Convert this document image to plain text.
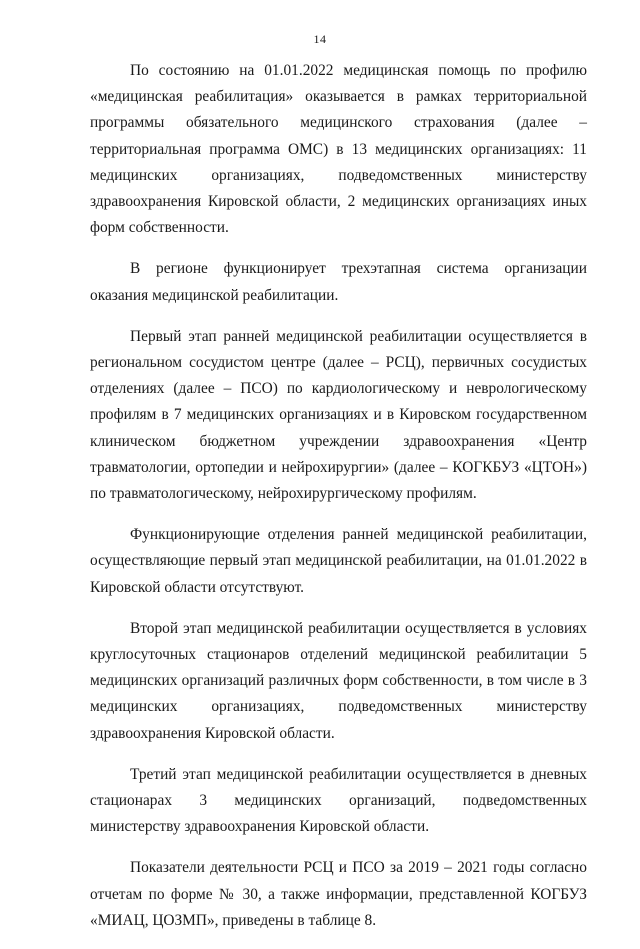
14

По состоянию на 01.01.2022 медицинская помощь по профилю «медицинская реабилитация» оказывается в рамках территориальной программы обязательного медицинского страхования (далее – территориальная программа ОМС) в 13 медицинских организациях: 11 медицинских организациях, подведомственных министерству здравоохранения Кировской области, 2 медицинских организациях иных форм собственности.

В регионе функционирует трехэтапная система организации оказания медицинской реабилитации.

Первый этап ранней медицинской реабилитации осуществляется в региональном сосудистом центре (далее – РСЦ), первичных сосудистых отделениях (далее – ПСО) по кардиологическому и неврологическому профилям в 7 медицинских организациях и в Кировском государственном клиническом бюджетном учреждении здравоохранения «Центр травматологии, ортопедии и нейрохирургии» (далее – КОГКБУЗ «ЦТОН») по травматологическому, нейрохирургическому профилям.

Функционирующие отделения ранней медицинской реабилитации, осуществляющие первый этап медицинской реабилитации, на 01.01.2022 в Кировской области отсутствуют.

Второй этап медицинской реабилитации осуществляется в условиях круглосуточных стационаров отделений медицинской реабилитации 5 медицинских организаций различных форм собственности, в том числе в 3 медицинских организациях, подведомственных министерству здравоохранения Кировской области.

Третий этап медицинской реабилитации осуществляется в дневных стационарах 3 медицинских организаций, подведомственных министерству здравоохранения Кировской области.

Показатели деятельности РСЦ и ПСО за 2019 – 2021 годы согласно отчетам по форме № 30, а также информации, представленной КОГБУЗ «МИАЦ, ЦОЗМП», приведены в таблице 8.
